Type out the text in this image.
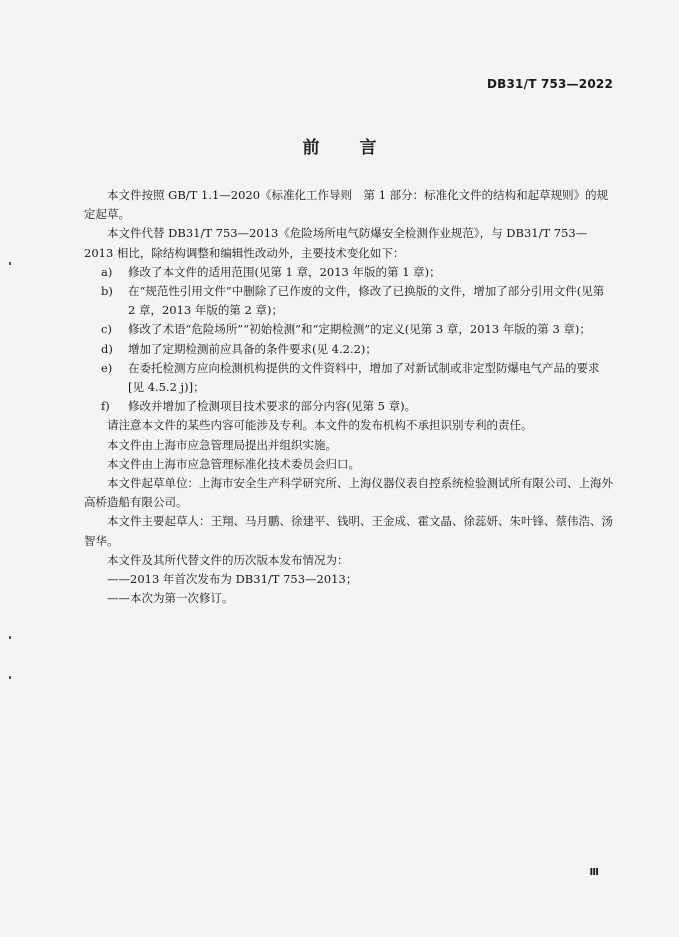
DB31/T 753—2022
前言

本文件按照 GB/T 1.1—2020《标准化工作导则　第 1 部分：标准化文件的结构和起草规则》的规定起草。

本文件代替 DB31/T 753—2013《危险场所电气防爆安全检测作业规范》，与 DB31/T 753—2013 相比，除结构调整和编辑性改动外，主要技术变化如下：

a) 修改了本文件的适用范围(见第 1 章，2013 年版的第 1 章)；

b) 在“规范性引用文件”中删除了已作废的文件，修改了已换版的文件，增加了部分引用文件(见第 2 章，2013 年版的第 2 章)；

c) 修改了术语“危险场所”“初始检测”和“定期检测”的定义(见第 3 章，2013 年版的第 3 章)；

d) 增加了定期检测前应具备的条件要求(见 4.2.2)；

e) 在委托检测方应向检测机构提供的文件资料中，增加了对新试制或非定型防爆电气产品的要求[见 4.5.2 j)]；

f) 修改并增加了检测项目技术要求的部分内容(见第 5 章)。

请注意本文件的某些内容可能涉及专利。本文件的发布机构不承担识别专利的责任。

本文件由上海市应急管理局提出并组织实施。

本文件由上海市应急管理标准化技术委员会归口。

本文件起草单位：上海市安全生产科学研究所、上海仪器仪表自控系统检验测试所有限公司、上海外高桥造船有限公司。

本文件主要起草人：王翔、马月鹏、徐建平、钱明、王金成、霍文晶、徐蕊妍、朱叶锋、蔡伟浩、汤智华。

本文件及其所代替文件的历次版本发布情况为：

——2013 年首次发布为 DB31/T 753—2013；

——本次为第一次修订。

Ⅲ
